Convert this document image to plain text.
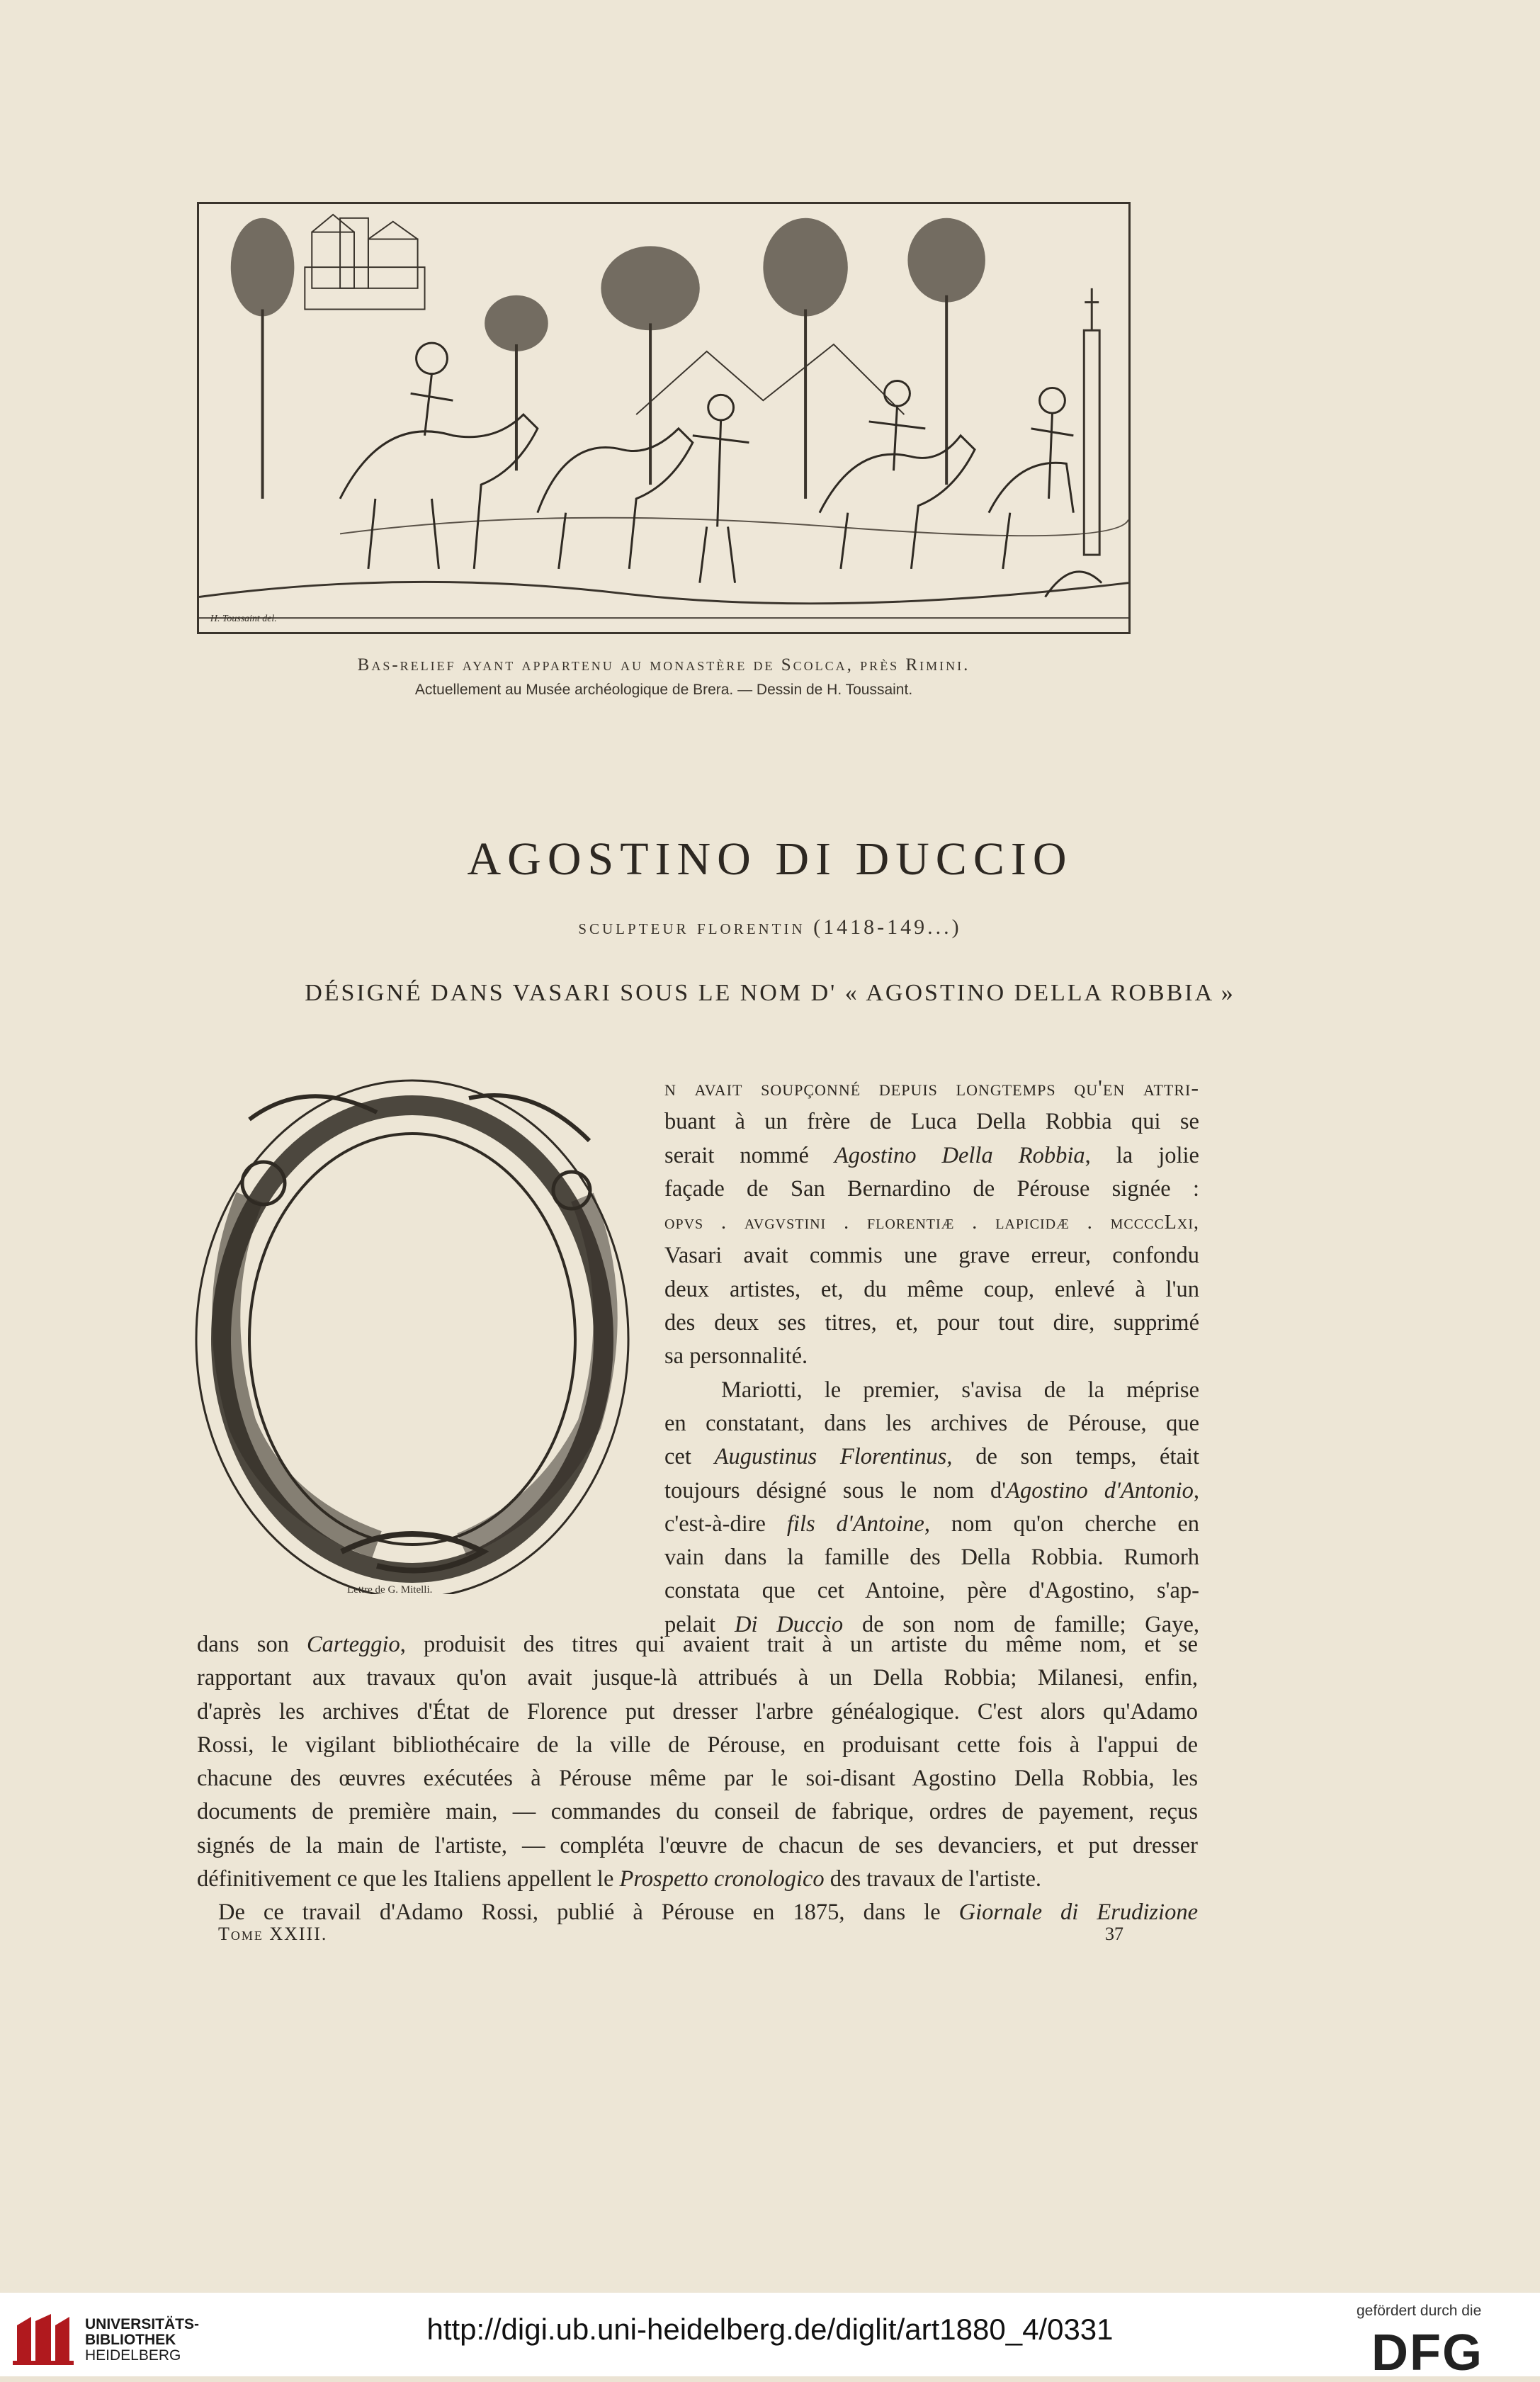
H. Toussaint del.
Bas-relief ayant appartenu au monastère de Scolca, près Rimini.
Actuellement au Musée archéologique de Brera. — Dessin de H. Toussaint.
AGOSTINO DI DUCCIO
sculpteur florentin (1418-149...)
DÉSIGNÉ DANS VASARI SOUS LE NOM D' « AGOSTINO DELLA ROBBIA »
Lettre de G. Mitelli.
n avait soupçonné depuis longtemps qu'en attri-
buant à un frère de Luca Della Robbia qui se
serait nommé Agostino Della Robbia, la jolie
façade de San Bernardino de Pérouse signée :
opvs . avgvstini . florentiæ . lapicidæ . mccccLxi,
Vasari avait commis une grave erreur, confondu
deux artistes, et, du même coup, enlevé à l'un
des deux ses titres, et, pour tout dire, supprimé
sa personnalité.
Mariotti, le premier, s'avisa de la méprise
en constatant, dans les archives de Pérouse, que
cet Augustinus Florentinus, de son temps, était
toujours désigné sous le nom d'Agostino d'Antonio,
c'est-à-dire fils d'Antoine, nom qu'on cherche en
vain dans la famille des Della Robbia. Rumorh
constata que cet Antoine, père d'Agostino, s'ap-
pelait Di Duccio de son nom de famille; Gaye,
dans son Carteggio, produisit des titres qui avaient trait à un artiste du même nom, et se
rapportant aux travaux qu'on avait jusque-là attribués à un Della Robbia; Milanesi, enfin,
d'après les archives d'État de Florence put dresser l'arbre généalogique. C'est alors qu'Adamo
Rossi, le vigilant bibliothécaire de la ville de Pérouse, en produisant cette fois à l'appui de
chacune des œuvres exécutées à Pérouse même par le soi-disant Agostino Della Robbia, les
documents de première main, — commandes du conseil de fabrique, ordres de payement, reçus
signés de la main de l'artiste, — compléta l'œuvre de chacun de ses devanciers, et put dresser
définitivement ce que les Italiens appellent le Prospetto cronologico des travaux de l'artiste.
De ce travail d'Adamo Rossi, publié à Pérouse en 1875, dans le Giornale di Erudizione
Tome XXIII.	37
UNIVERSITÄTS-
BIBLIOTHEK
HEIDELBERG
http://digi.ub.uni-heidelberg.de/diglit/art1880_4/0331
gefördert durch die
DFG
